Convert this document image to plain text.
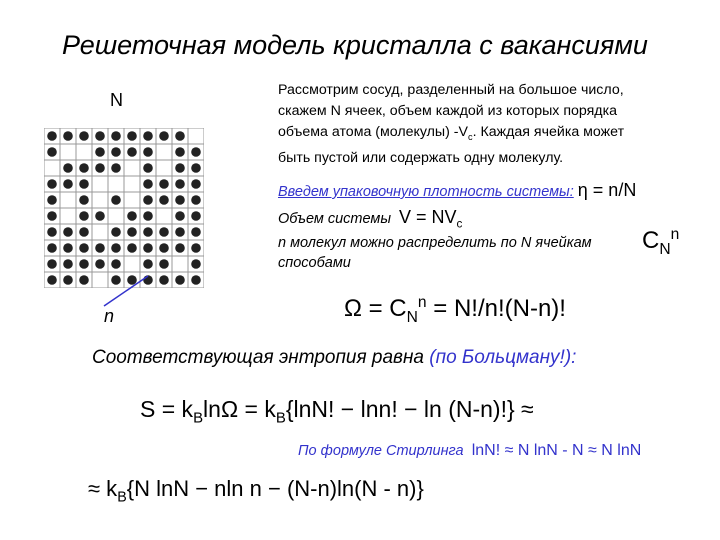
Решеточная модель кристалла с вакансиями
N
n
Рассмотрим сосуд, разделенный на большое число,
скажем N ячеек, объем каждой из которых порядка
объема атома (молекулы) $-V_c$. Каждая ячейка может
быть пустой или содержать одну молекулу.
Введем упаковочную плотность системы: η = n/N
Объем системы $V = NV_c$
n молекул можно распределить по N ячейкам
способами
$C_N^n$
$\Omega = C_N^n = N!/n!(N-n)$!
Соответствующая энтропия равна (по Больцману!):
$S = k_B\ln\Omega = k_B\{\ln N$! − lnn! − ln (N-n)!} ≈
По формуле Стирлинга lnN! ≈ N lnN - N ≈ N lnN
≈ $k_B\{N$ lnN − nln n − (N-n)ln(N - n)}
